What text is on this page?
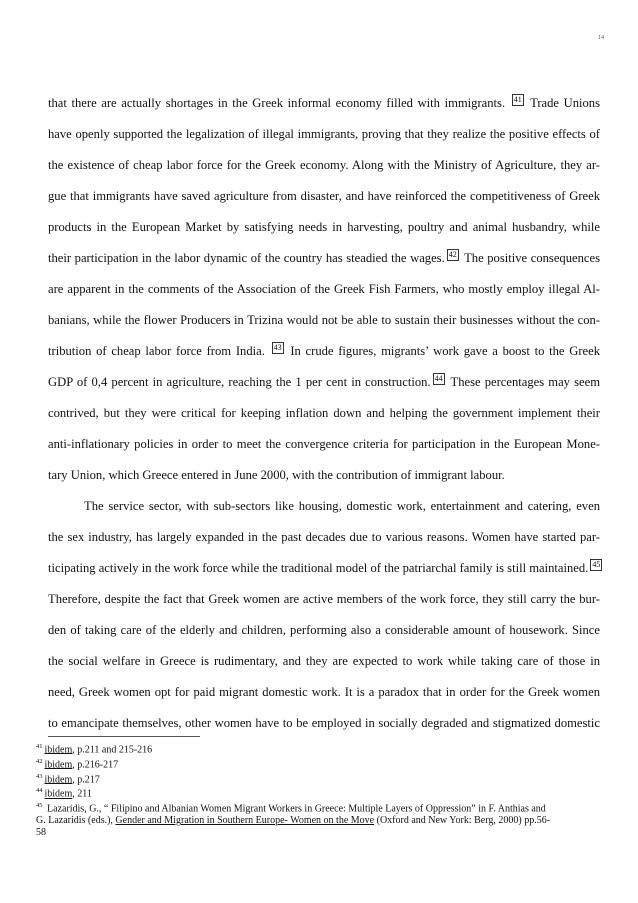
14
that there are actually shortages in the Greek informal economy filled with immigrants. 41 Trade Unions
have openly supported the legalization of illegal immigrants, proving that they realize the positive effects of
the existence of cheap labor force for the Greek economy. Along with the Ministry of Agriculture, they ar-
gue that immigrants have saved agriculture from disaster, and have reinforced the competitiveness of Greek
products in the European Market by satisfying needs in harvesting, poultry and animal husbandry, while
their participation in the labor dynamic of the country has steadied the wages. 42 The positive consequences
are apparent in the comments of the Association of the Greek Fish Farmers, who mostly employ illegal Al-
banians, while the flower Producers in Trizina would not be able to sustain their businesses without the con-
tribution of cheap labor force from India. 43 In crude figures, migrants’ work gave a boost to the Greek
GDP of 0,4 percent in agriculture, reaching the 1 per cent in construction. 44 These percentages may seem
contrived, but they were critical for keeping inflation down and helping the government implement their
anti-inflationary policies in order to meet the convergence criteria for participation in the European Mone-
tary Union, which Greece entered in June 2000, with the contribution of immigrant labour.
The service sector, with sub-sectors like housing, domestic work, entertainment and catering, even
the sex industry, has largely expanded in the past decades due to various reasons. Women have started par-
ticipating actively in the work force while the traditional model of the patriarchal family is still maintained. 45
Therefore, despite the fact that Greek women are active members of the work force, they still carry the bur-
den of taking care of the elderly and children, performing also a considerable amount of housework. Since
the social welfare in Greece is rudimentary, and they are expected to work while taking care of those in
need, Greek women opt for paid migrant domestic work. It is a paradox that in order for the Greek women
to emancipate themselves, other women have to be employed in socially degraded and stigmatized domestic
$^{41}$ ibidem, p.211 and 215-216
$^{42}$ ibidem, p.216-217
$^{43}$ ibidem, p.217
$^{44}$ ibidem, 211
$^{45}$ Lazaridis, G., “ Filipino and Albanian Women Migrant Workers in Greece: Multiple Layers of Oppression” in F. Anthias and
G. Lazaridis (eds.), Gender and Migration in Southern Europe- Women on the Move (Oxford and New York: Berg, 2000) pp.56-
58
